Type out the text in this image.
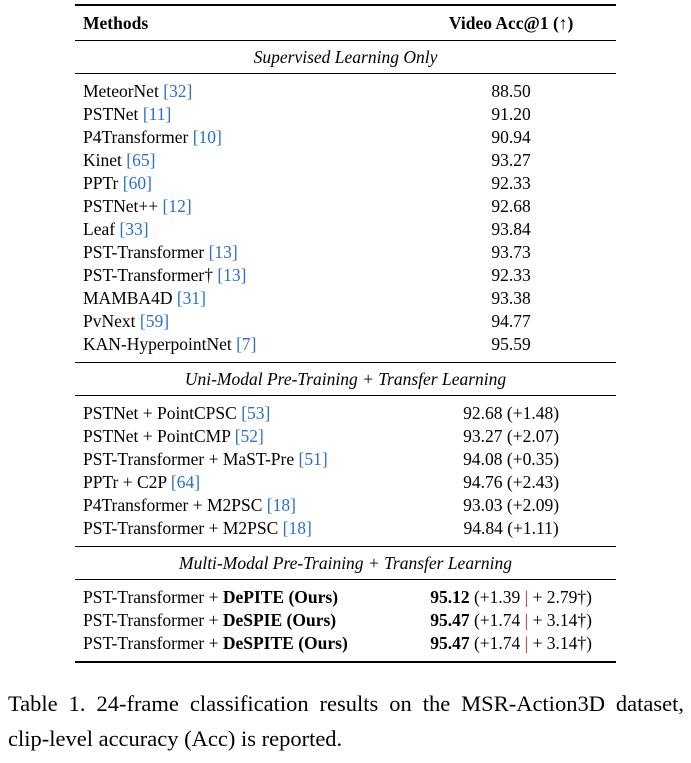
Methods	Video Acc@1 (↑)
Supervised Learning Only	
MeteorNet [32]	88.50
PSTNet [11]	91.20
P4Transformer [10]	90.94
Kinet [65]	93.27
PPTr [60]	92.33
PSTNet++ [12]	92.68
Leaf [33]	93.84
PST-Transformer [13]	93.73
PST-Transformer† [13]	92.33
MAMBA4D [31]	93.38
PvNext [59]	94.77
KAN-HyperpointNet [7]	95.59
Uni-Modal Pre-Training + Transfer Learning	
PSTNet + PointCPSC [53]	92.68 (+1.48)
PSTNet + PointCMP [52]	93.27 (+2.07)
PST-Transformer + MaST-Pre [51]	94.08 (+0.35)
PPTr + C2P [64]	94.76 (+2.43)
P4Transformer + M2PSC [18]	93.03 (+2.09)
PST-Transformer + M2PSC [18]	94.84 (+1.11)
Multi-Modal Pre-Training + Transfer Learning	
PST-Transformer + DePITE (Ours)	95.12 (+1.39 | + 2.79†)
PST-Transformer + DeSPIE (Ours)	95.47 (+1.74 | + 3.14†)
PST-Transformer + DeSPITE (Ours)	95.47 (+1.74 | + 3.14†)
Table 1. 24-frame classification results on the MSR-Action3D dataset, clip-level accuracy (Acc) is reported.
